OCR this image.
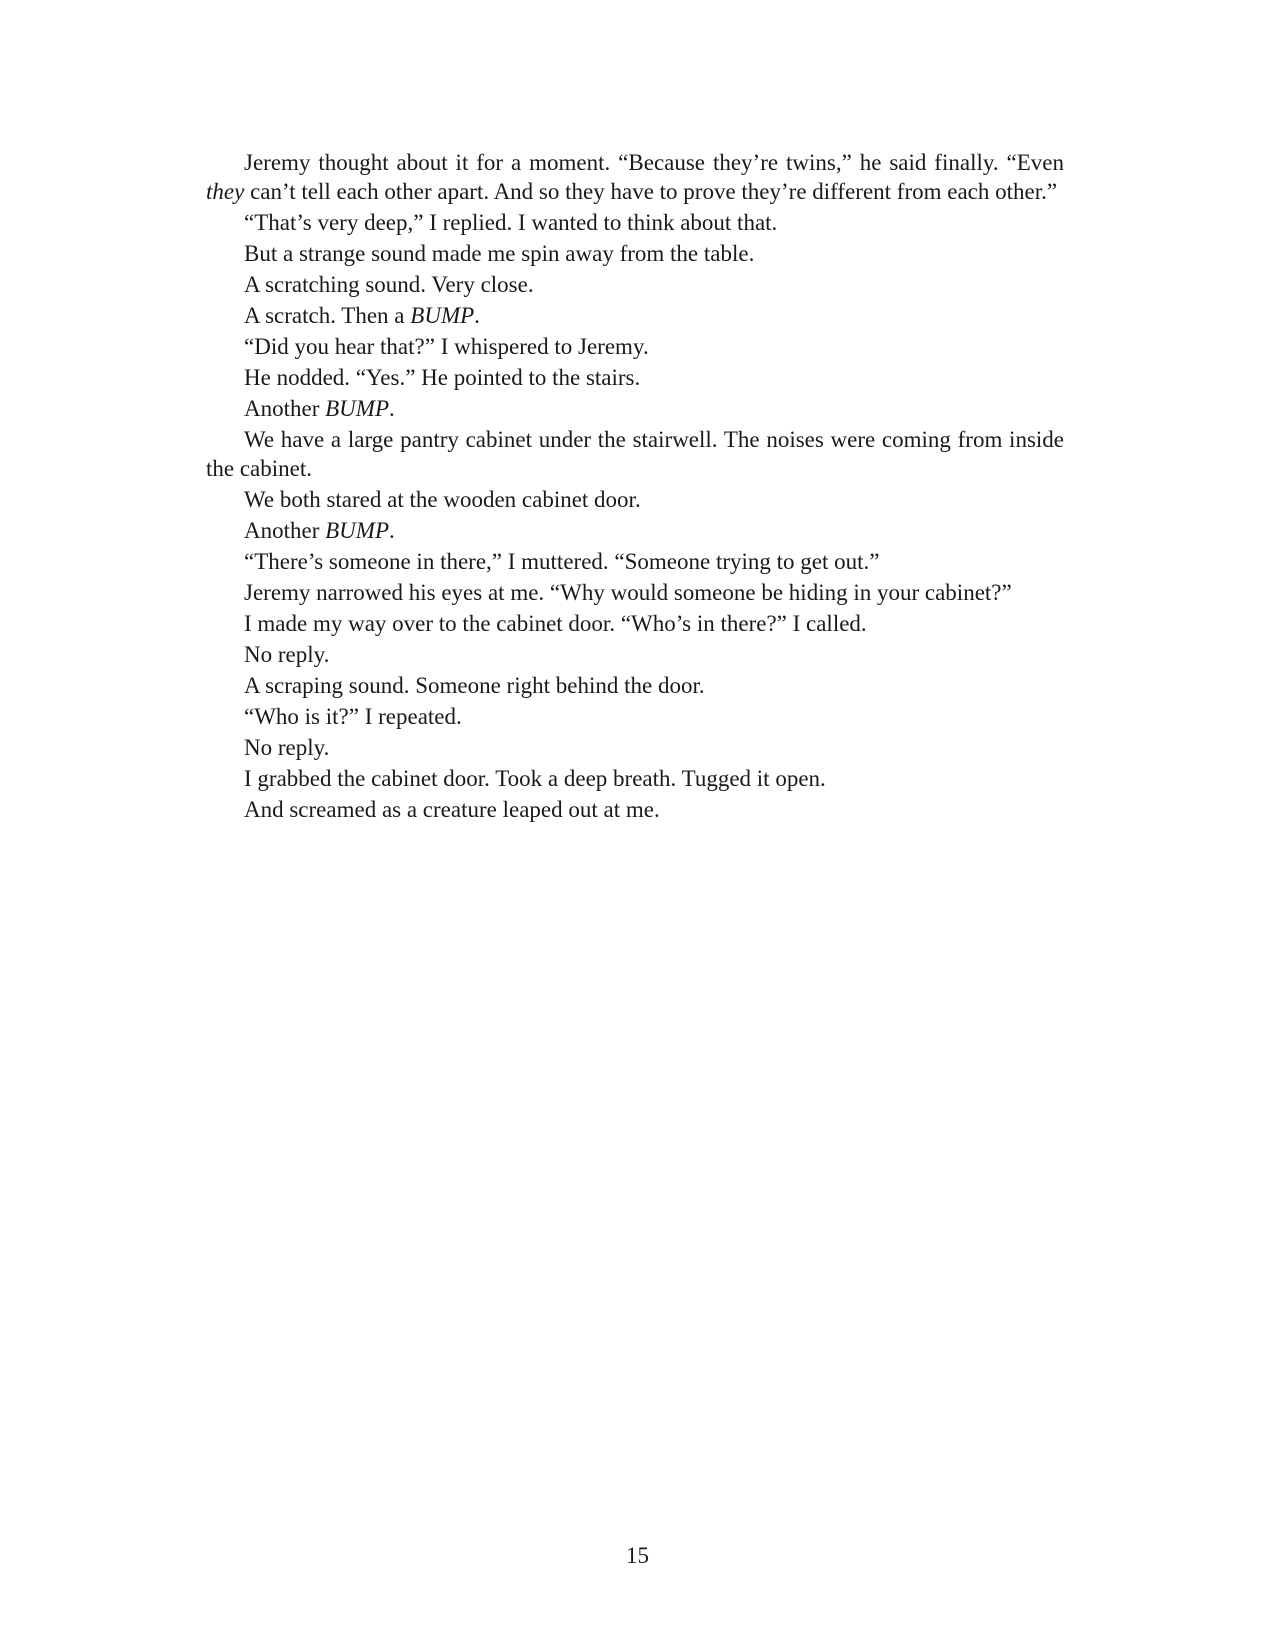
Jeremy thought about it for a moment. “Because they’re twins,” he said finally. “Even they can’t tell each other apart. And so they have to prove they’re different from each other.”

“That’s very deep,” I replied. I wanted to think about that.

But a strange sound made me spin away from the table.

A scratching sound. Very close.

A scratch. Then a BUMP.

“Did you hear that?” I whispered to Jeremy.

He nodded. “Yes.” He pointed to the stairs.

Another BUMP.

We have a large pantry cabinet under the stairwell. The noises were coming from inside the cabinet.

We both stared at the wooden cabinet door.

Another BUMP.

“There’s someone in there,” I muttered. “Someone trying to get out.”

Jeremy narrowed his eyes at me. “Why would someone be hiding in your cabinet?”

I made my way over to the cabinet door. “Who’s in there?” I called.

No reply.

A scraping sound. Someone right behind the door.

“Who is it?” I repeated.

No reply.

I grabbed the cabinet door. Took a deep breath. Tugged it open.

And screamed as a creature leaped out at me.

15
